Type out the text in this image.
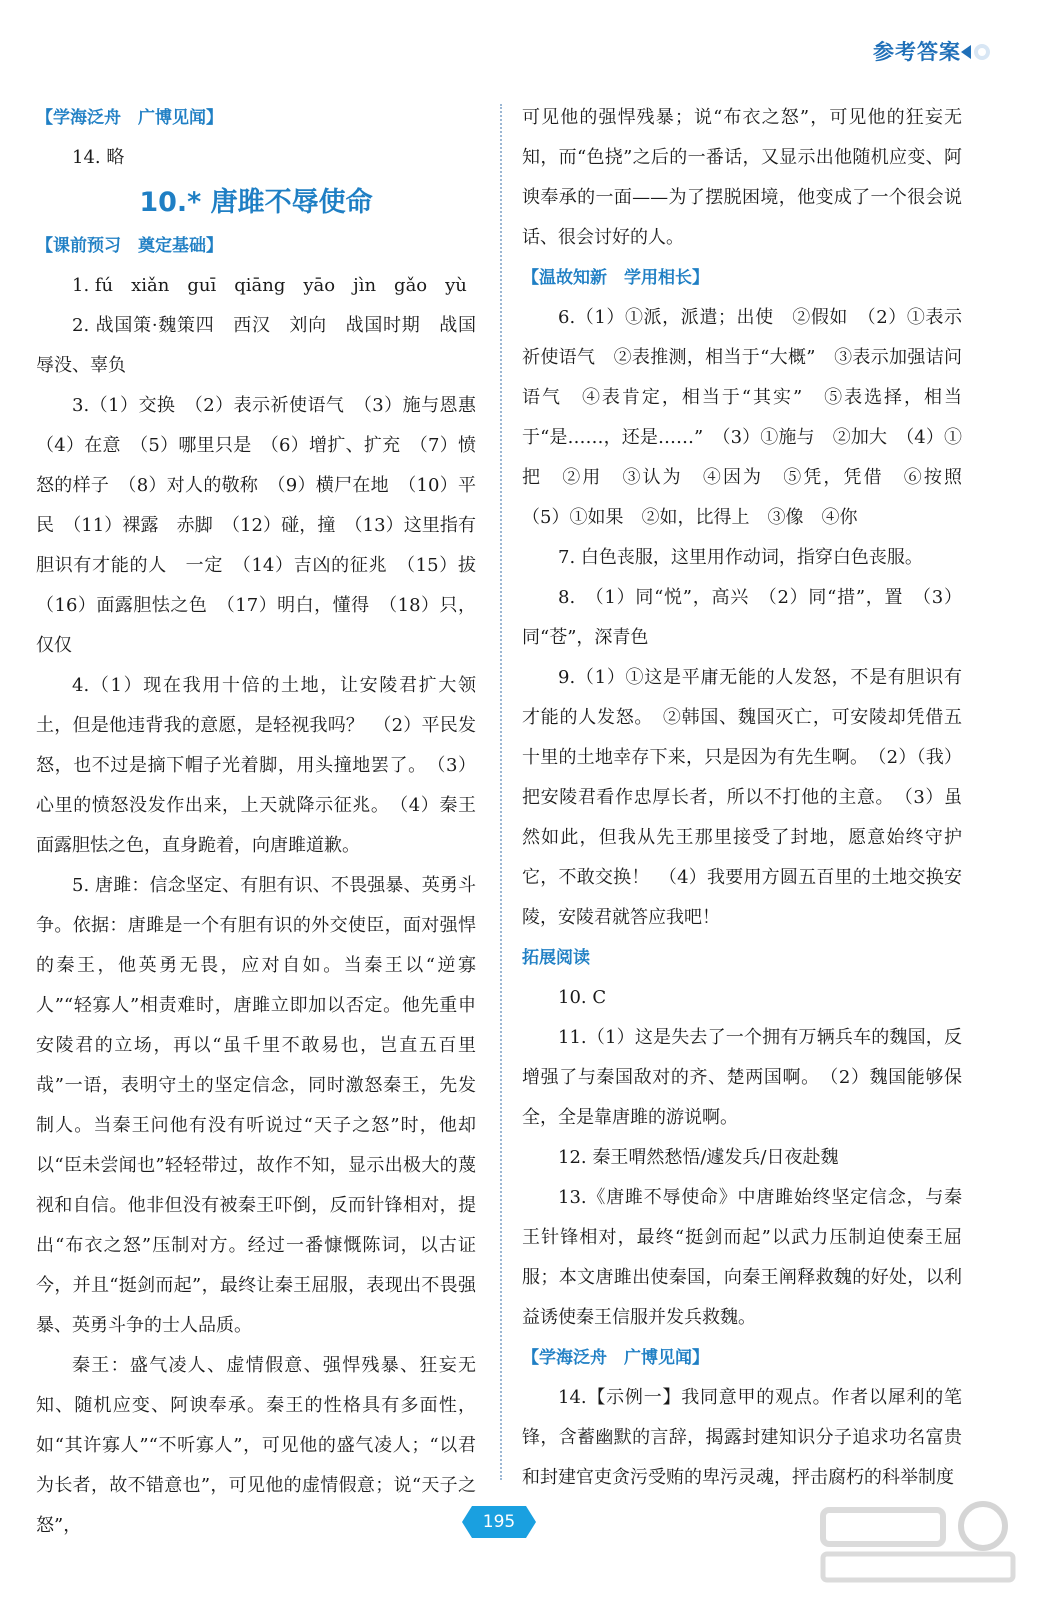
参考答案

【学海泛舟　广博见闻】

14. 略

10.* 唐雎不辱使命

【课前预习　奠定基础】

1. fú　xiǎn　guī　qiāng　yāo　jìn　gǎo　yù

2. 战国策·魏策四　西汉　刘向　战国时期　战国　辱没、辜负

3.（1）交换　（2）表示祈使语气　（3）施与恩惠　（4）在意　（5）哪里只是　（6）增扩、扩充　（7）愤怒的样子　（8）对人的敬称　（9）横尸在地　（10）平民　（11）裸露　赤脚　（12）碰，撞　（13）这里指有胆识有才能的人　一定　（14）吉凶的征兆　（15）拔　（16）面露胆怯之色　（17）明白，懂得　（18）只，仅仅

4.（1）现在我用十倍的土地，让安陵君扩大领土，但是他违背我的意愿，是轻视我吗？　（2）平民发怒，也不过是摘下帽子光着脚，用头撞地罢了。　（3）心里的愤怒没发作出来，上天就降示征兆。　（4）秦王面露胆怯之色，直身跪着，向唐雎道歉。

5. 唐雎：信念坚定、有胆有识、不畏强暴、英勇斗争。依据：唐雎是一个有胆有识的外交使臣，面对强悍的秦王，他英勇无畏，应对自如。当秦王以“逆寡人”“轻寡人”相责难时，唐雎立即加以否定。他先重申安陵君的立场，再以“虽千里不敢易也，岂直五百里哉”一语，表明守土的坚定信念，同时激怒秦王，先发制人。当秦王问他有没有听说过“天子之怒”时，他却以“臣未尝闻也”轻轻带过，故作不知，显示出极大的蔑视和自信。他非但没有被秦王吓倒，反而针锋相对，提出“布衣之怒”压制对方。经过一番慷慨陈词，以古证今，并且“挺剑而起”，最终让秦王屈服，表现出不畏强暴、英勇斗争的士人品质。

秦王：盛气凌人、虚情假意、强悍残暴、狂妄无知、随机应变、阿谀奉承。秦王的性格具有多面性，如“其许寡人”“不听寡人”，可见他的盛气凌人；“以君为长者，故不错意也”，可见他的虚情假意；说“天子之怒”，

可见他的强悍残暴；说“布衣之怒”，可见他的狂妄无知，而“色挠”之后的一番话，又显示出他随机应变、阿谀奉承的一面——为了摆脱困境，他变成了一个很会说话、很会讨好的人。

【温故知新　学用相长】

6.（1）①派，派遣；出使　②假如　（2）①表示祈使语气　②表推测，相当于“大概”　③表示加强诘问语气　④表肯定，相当于“其实”　⑤表选择，相当于“是……，还是……”　（3）①施与　②加大　（4）①把　②用　③认为　④因为　⑤凭，凭借　⑥按照　（5）①如果　②如，比得上　③像　④你

7. 白色丧服，这里用作动词，指穿白色丧服。

8.　（1）同“悦”，高兴　（2）同“措”，置　（3）同“苍”，深青色

9.（1）①这是平庸无能的人发怒，不是有胆识有才能的人发怒。　②韩国、魏国灭亡，可安陵却凭借五十里的土地幸存下来，只是因为有先生啊。　（2）（我）把安陵君看作忠厚长者，所以不打他的主意。　（3）虽然如此，但我从先王那里接受了封地，愿意始终守护它，不敢交换！　（4）我要用方圆五百里的土地交换安陵，安陵君就答应我吧！

拓展阅读

10. C

11.（1）这是失去了一个拥有万辆兵车的魏国，反增强了与秦国敌对的齐、楚两国啊。　（2）魏国能够保全，全是靠唐雎的游说啊。

12. 秦王喟然愁悟/遽发兵/日夜赴魏

13.《唐雎不辱使命》中唐雎始终坚定信念，与秦王针锋相对，最终“挺剑而起”以武力压制迫使秦王屈服；本文唐雎出使秦国，向秦王阐释救魏的好处，以利益诱使秦王信服并发兵救魏。

【学海泛舟　广博见闻】

14.【示例一】我同意甲的观点。作者以犀利的笔锋，含蓄幽默的言辞，揭露封建知识分子追求功名富贵和封建官吏贪污受贿的卑污灵魂，抨击腐朽的科举制度

195
